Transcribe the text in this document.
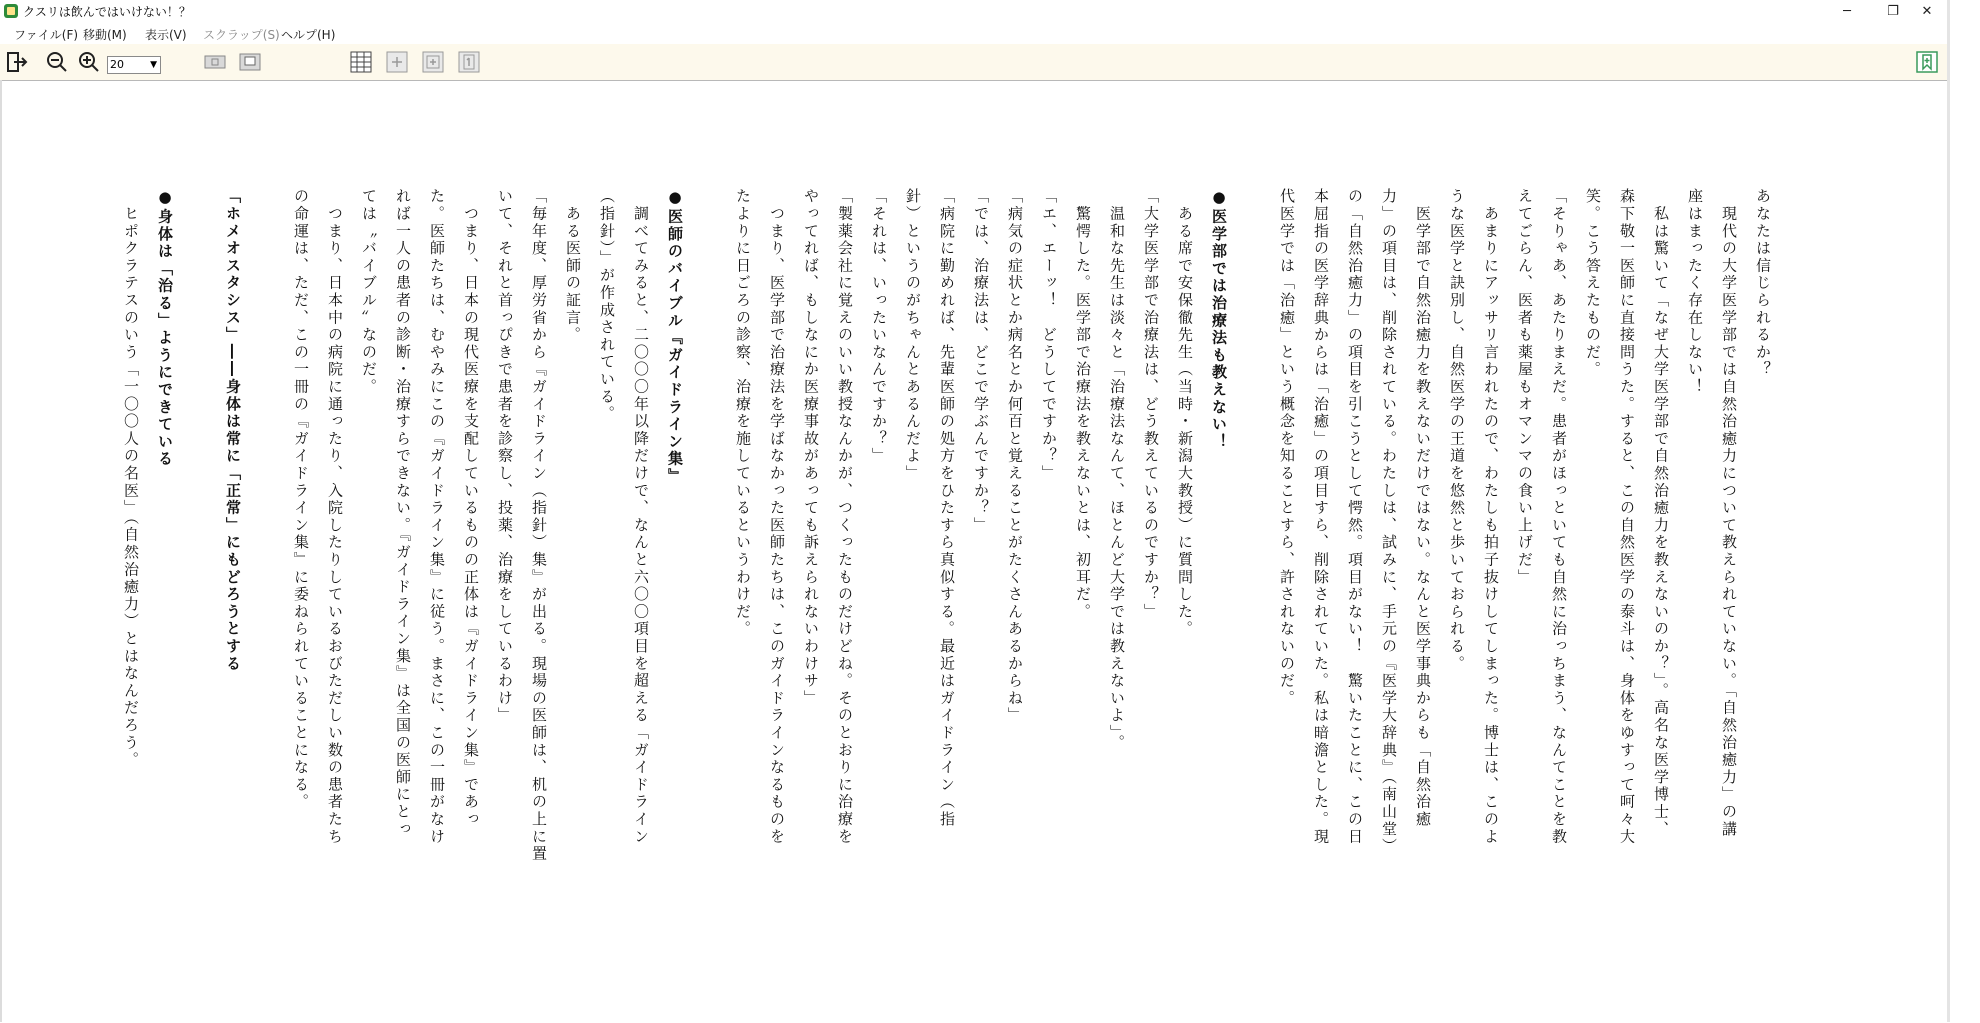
クスリは飲んではいけない！？	─	❐ ✕
ファイル(F) 移動(M) 表示(V) スクラップ(S) ヘルプ(H)
20	▼
あなたは信じられるか？
　現代の大学医学部では自然治癒力について教えられていない。「自然治癒力」の講
座はまったく存在しない！
　私は驚いて「なぜ大学医学部で自然治癒力を教えないのか？」。高名な医学博士、
森下敬一医師に直接問うた。すると、この自然医学の泰斗は、身体をゆすって呵々大
笑。こう答えたものだ。
「そりゃあ、あたりまえだ。患者がほっといても自然に治っちまう、なんてことを教
えてごらん、医者も薬屋もオマンマの食い上げだ」
　あまりにアッサリ言われたので、わたしも拍子抜けしてしまった。博士は、このよ
うな医学と訣別し、自然医学の王道を悠然と歩いておられる。
　医学部で自然治癒力を教えないだけではない。なんと医学事典からも「自然治癒
力」の項目は、削除されている。わたしは、試みに、手元の『医学大辞典』（南山堂）
の「自然治癒力」の項目を引こうとして愕然。項目がない！　驚いたことに、この日
本屈指の医学辞典からは「治癒」の項目すら、削除されていた。私は暗澹とした。現
代医学では「治癒」という概念を知ることすら、許されないのだ。

●医学部では治療法も教えない！
　ある席で安保徹先生（当時・新潟大教授）に質問した。
「大学医学部で治療法は、どう教えているのですか？」
　温和な先生は淡々と「治療法なんて、ほとんど大学では教えないよ」。
　驚愕した。医学部で治療法を教えないとは、初耳だ。
「エ、エーッ！　どうしてですか？」
「病気の症状とか病名とか何百と覚えることがたくさんあるからね」
「では、治療法は、どこで学ぶんですか？」
「病院に勤めれば、先輩医師の処方をひたすら真似する。最近はガイドライン（指
針）というのがちゃんとあるんだよ」
「それは、いったいなんですか？」
「製薬会社に覚えのいい教授なんかが、つくったものだけどね。そのとおりに治療を
やってれば、もしなにか医療事故があっても訴えられないわけサ」
　つまり、医学部で治療法を学ばなかった医師たちは、このガイドラインなるものを
たよりに日ごろの診察、治療を施しているというわけだ。

●医師のバイブル『ガイドライン集』
　調べてみると、二〇〇〇年以降だけで、なんと六〇〇項目を超える「ガイドライン
（指針）」が作成されている。
　ある医師の証言。
「毎年度、厚労省から『ガイドライン（指針）集』が出る。現場の医師は、机の上に置
いて、それと首っぴきで患者を診察し、投薬、治療をしているわけ」
　つまり、日本の現代医療を支配しているものの正体は『ガイドライン集』であっ
た。医師たちは、むやみにこの『ガイドライン集』に従う。まさに、この一冊がなけ
れば一人の患者の診断・治療すらできない。『ガイドライン集』は全国の医師にとっ
ては〝バイブル〟なのだ。
　つまり、日本中の病院に通ったり、入院したりしているおびただしい数の患者たち
の命運は、ただ、この一冊の『ガイドライン集』に委ねられていることになる。

「ホメオスタシス」――身体は常に「正常」にもどろうとする

●身体は「治る」ようにできている
　ヒポクラテスのいう「一〇〇人の名医」（自然治癒力）とはなんだろう。
